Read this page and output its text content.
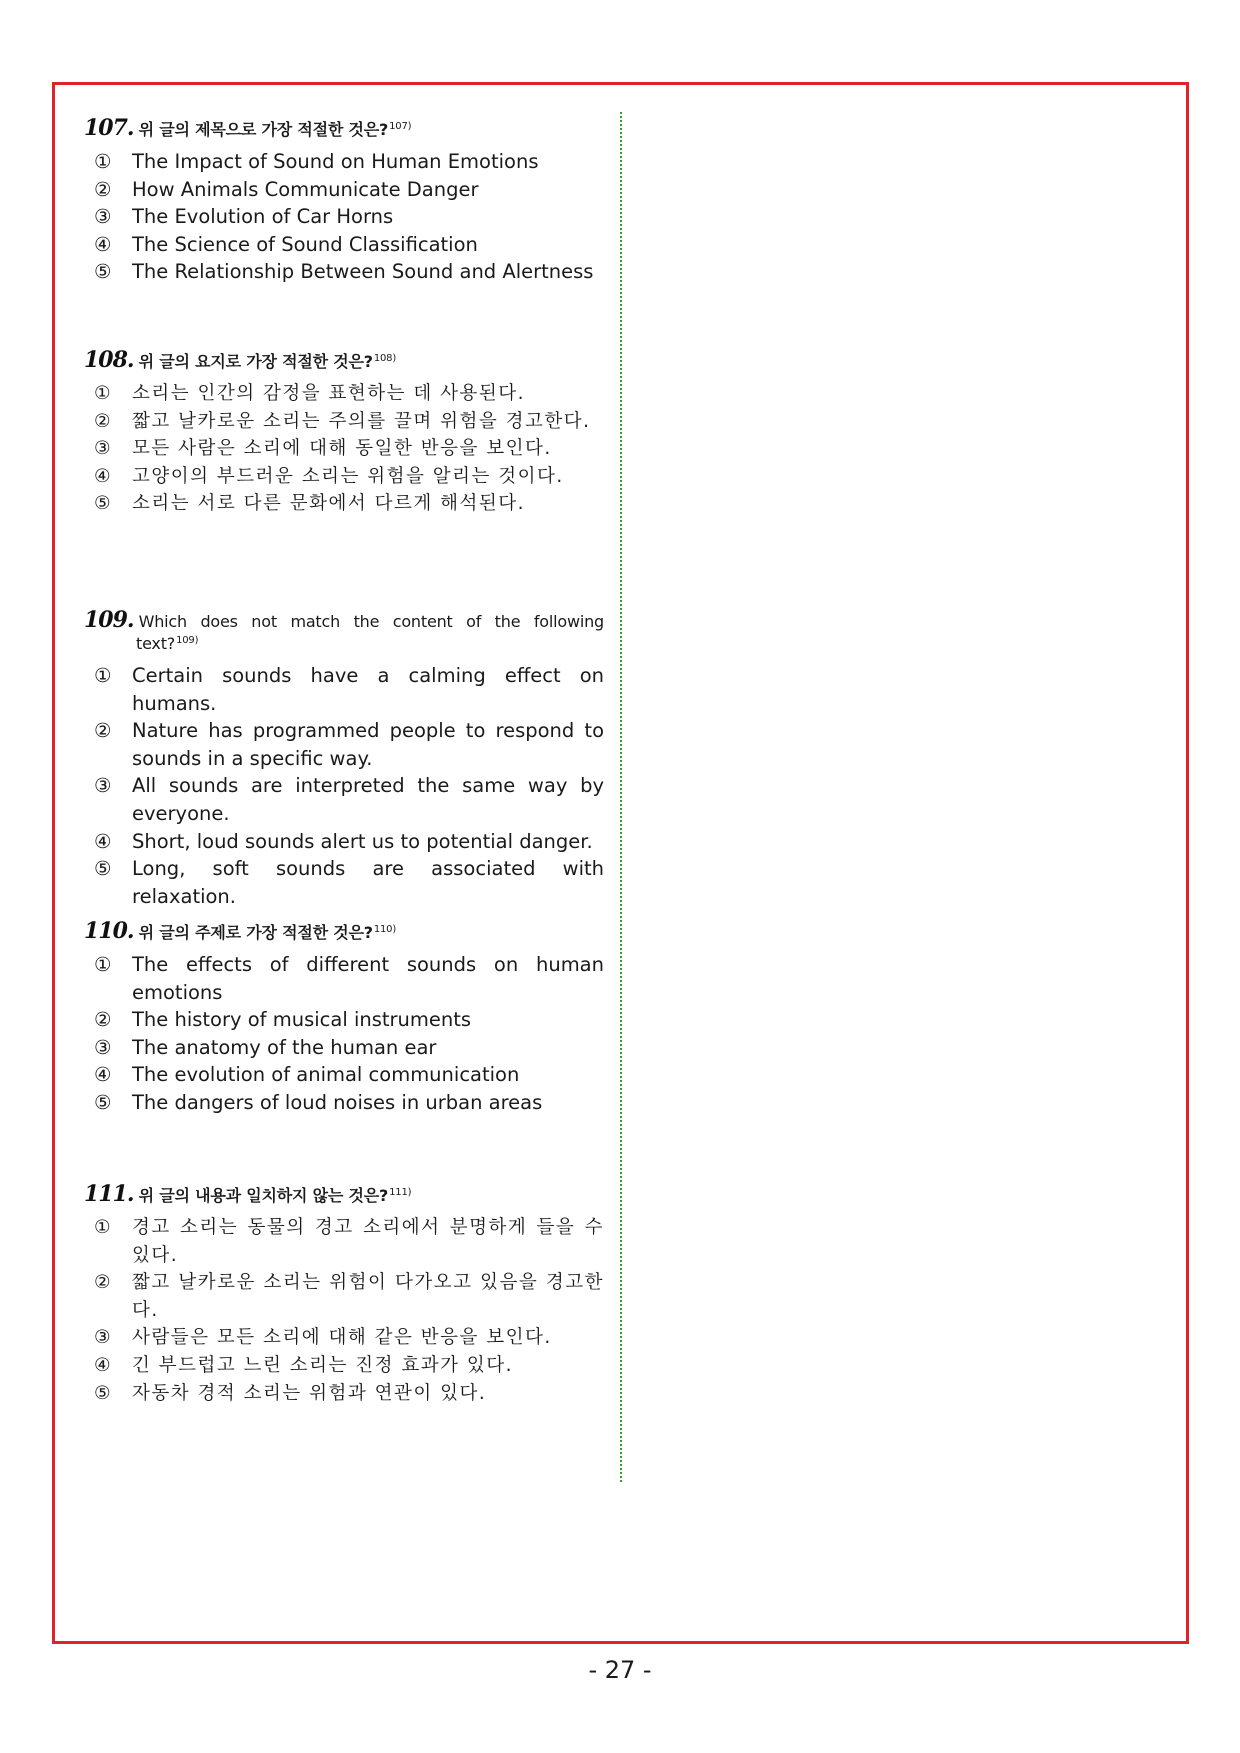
107. 위 글의 제목으로 가장 적절한 것은?$^{107)}$
① The Impact of Sound on Human Emotions
② How Animals Communicate Danger
③ The Evolution of Car Horns
④ The Science of Sound Classification
⑤ The Relationship Between Sound and Alertness
108. 위 글의 요지로 가장 적절한 것은?$^{108)}$
① 소리는 인간의 감정을 표현하는 데 사용된다.
② 짧고 날카로운 소리는 주의를 끌며 위험을 경고한다.
③ 모든 사람은 소리에 대해 동일한 반응을 보인다.
④ 고양이의 부드러운 소리는 위험을 알리는 것이다.
⑤ 소리는 서로 다른 문화에서 다르게 해석된다.
109. Which does not match the content of the following
text?$^{109)}$
① Certain sounds have a calming effect on humans.
② Nature has programmed people to respond to sounds in a specific way.
③ All sounds are interpreted the same way by everyone.
④ Short, loud sounds alert us to potential danger.
⑤ Long, soft sounds are associated with relaxation.
110. 위 글의 주제로 가장 적절한 것은?$^{110)}$
① The effects of different sounds on human emotions
② The history of musical instruments
③ The anatomy of the human ear
④ The evolution of animal communication
⑤ The dangers of loud noises in urban areas
111. 위 글의 내용과 일치하지 않는 것은?$^{111)}$
① 경고 소리는 동물의 경고 소리에서 분명하게 들을 수 있다.
② 짧고 날카로운 소리는 위험이 다가오고 있음을 경고한다.
③ 사람들은 모든 소리에 대해 같은 반응을 보인다.
④ 긴 부드럽고 느린 소리는 진정 효과가 있다.
⑤ 자동차 경적 소리는 위험과 연관이 있다.
- 27 -
